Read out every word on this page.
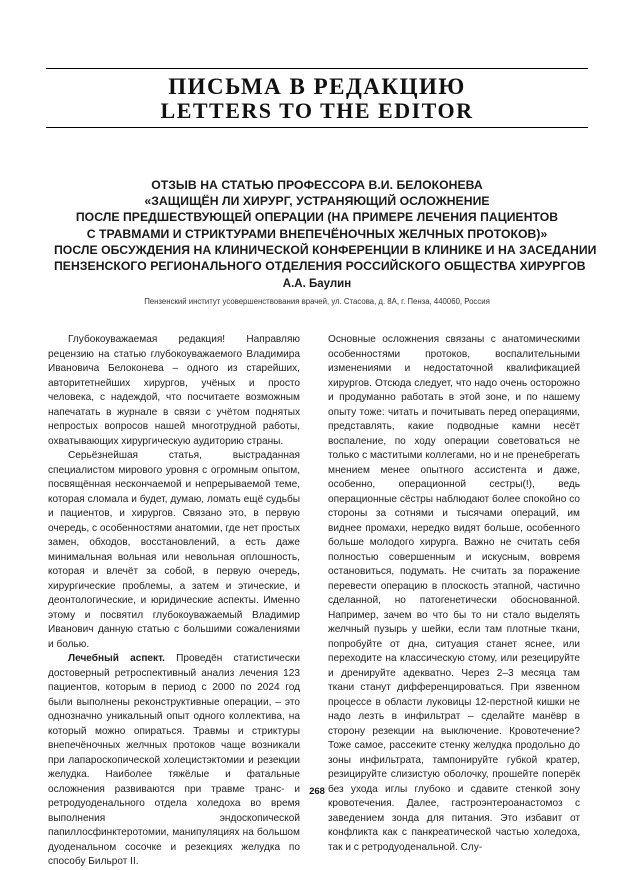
ПИСЬМА В РЕДАКЦИЮ
LETTERS TO THE EDITOR
ОТЗЫВ НА СТАТЬЮ ПРОФЕССОРА В.И. БЕЛОКОНЕВА
«ЗАЩИЩЁН ЛИ ХИРУРГ, УСТРАНЯЮЩИЙ ОСЛОЖНЕНИЕ
ПОСЛЕ ПРЕДШЕСТВУЮЩЕЙ ОПЕРАЦИИ (НА ПРИМЕРЕ ЛЕЧЕНИЯ ПАЦИЕНТОВ
С ТРАВМАМИ И СТРИКТУРАМИ ВНЕПЕЧЁНОЧНЫХ ЖЕЛЧНЫХ ПРОТОКОВ)»
ПОСЛЕ ОБСУЖДЕНИЯ НА КЛИНИЧЕСКОЙ КОНФЕРЕНЦИИ В КЛИНИКЕ И НА ЗАСЕДАНИИ
ПЕНЗЕНСКОГО РЕГИОНАЛЬНОГО ОТДЕЛЕНИЯ РОССИЙСКОГО ОБЩЕСТВА ХИРУРГОВ
А.А. Баулин
Пензенский институт усовершенствования врачей, ул. Стасова, д. 8А, г. Пенза, 440060, Россия

Глубокоуважаемая редакция! Направляю рецензию на статью глубокоуважаемого Владимира Ивановича Белоконева – одного из старейших, авторитетнейших хирургов, учёных и просто человека, с надеждой, что посчитаете возможным напечатать в журнале в связи с учётом поднятых непростых вопросов нашей многотрудной работы, охватывающих хирургическую аудиторию страны.

Серьёзнейшая статья, выстраданная специалистом мирового уровня с огромным опытом, посвящённая нескончаемой и непрерываемой теме, которая сломала и будет, думаю, ломать ещё судьбы и пациентов, и хирургов. Связано это, в первую очередь, с особенностями анатомии, где нет простых замен, обходов, восстановлений, а есть даже минимальная вольная или невольная оплошность, которая и влечёт за собой, в первую очередь, хирургические проблемы, а затем и этические, и деонтологические, и юридические аспекты. Именно этому и посвятил глубокоуважаемый Владимир Иванович данную статью с большими сожалениями и болью.

Лечебный аспект. Проведён статистически достоверный ретроспективный анализ лечения 123 пациентов, которым в период с 2000 по 2024 год были выполнены реконструктивные операции, – это однозначно уникальный опыт одного коллектива, на который можно опираться. Травмы и стриктуры внепечёночных желчных протоков чаще возникали при лапароскопической холецистэктомии и резекции желудка. Наиболее тяжёлые и фатальные осложнения развиваются при травме транс- и ретродуоденального отдела холедоха во время выполнения эндоскопической папиллосфинктеротомии, манипуляциях на большом дуоденальном сосочке и резекциях желудка по способу Бильрот II.

Основные осложнения связаны с анатомическими особенностями протоков, воспалительными изменениями и недостаточной квалификацией хирургов. Отсюда следует, что надо очень осторожно и продуманно работать в этой зоне, и по нашему опыту тоже: читать и почитывать перед операциями, представлять, какие подводные камни несёт воспаление, по ходу операции советоваться не только с маститыми коллегами, но и не пренебрегать мнением менее опытного ассистента и даже, особенно, операционной сестры(!), ведь операционные сёстры наблюдают более спокойно со стороны за сотнями и тысячами операций, им виднее промахи, нередко видят больше, особенного больше молодого хирурга. Важно не считать себя полностью совершенным и искусным, вовремя остановиться, подумать. Не считать за поражение перевести операцию в плоскость этапной, частично сделанной, но патогенетически обоснованной. Например, зачем во что бы то ни стало выделять желчный пузырь у шейки, если там плотные ткани, попробуйте от дна, ситуация станет яснее, или переходите на классическую стому, или резецируйте и дренируйте адекватно. Через 2–3 месяца там ткани станут дифференцироваться. При язвенном процессе в области луковицы 12-перстной кишки не надо лезть в инфильтрат – сделайте манёвр в сторону резекции на выключение. Кровотечение? Тоже самое, рассеките стенку желудка продольно до зоны инфильтрата, тампонируйте губкой кратер, резицируйте слизистую оболочку, прошейте поперёк без ухода иглы глубоко и сдавите стенкой зону кровотечения. Далее, гастроэнтероанастомоз с заведением зонда для питания. Это избавит от конфликта как с панкреатической частью холедоха, так и с ретродуоденальной. Слу-

268
